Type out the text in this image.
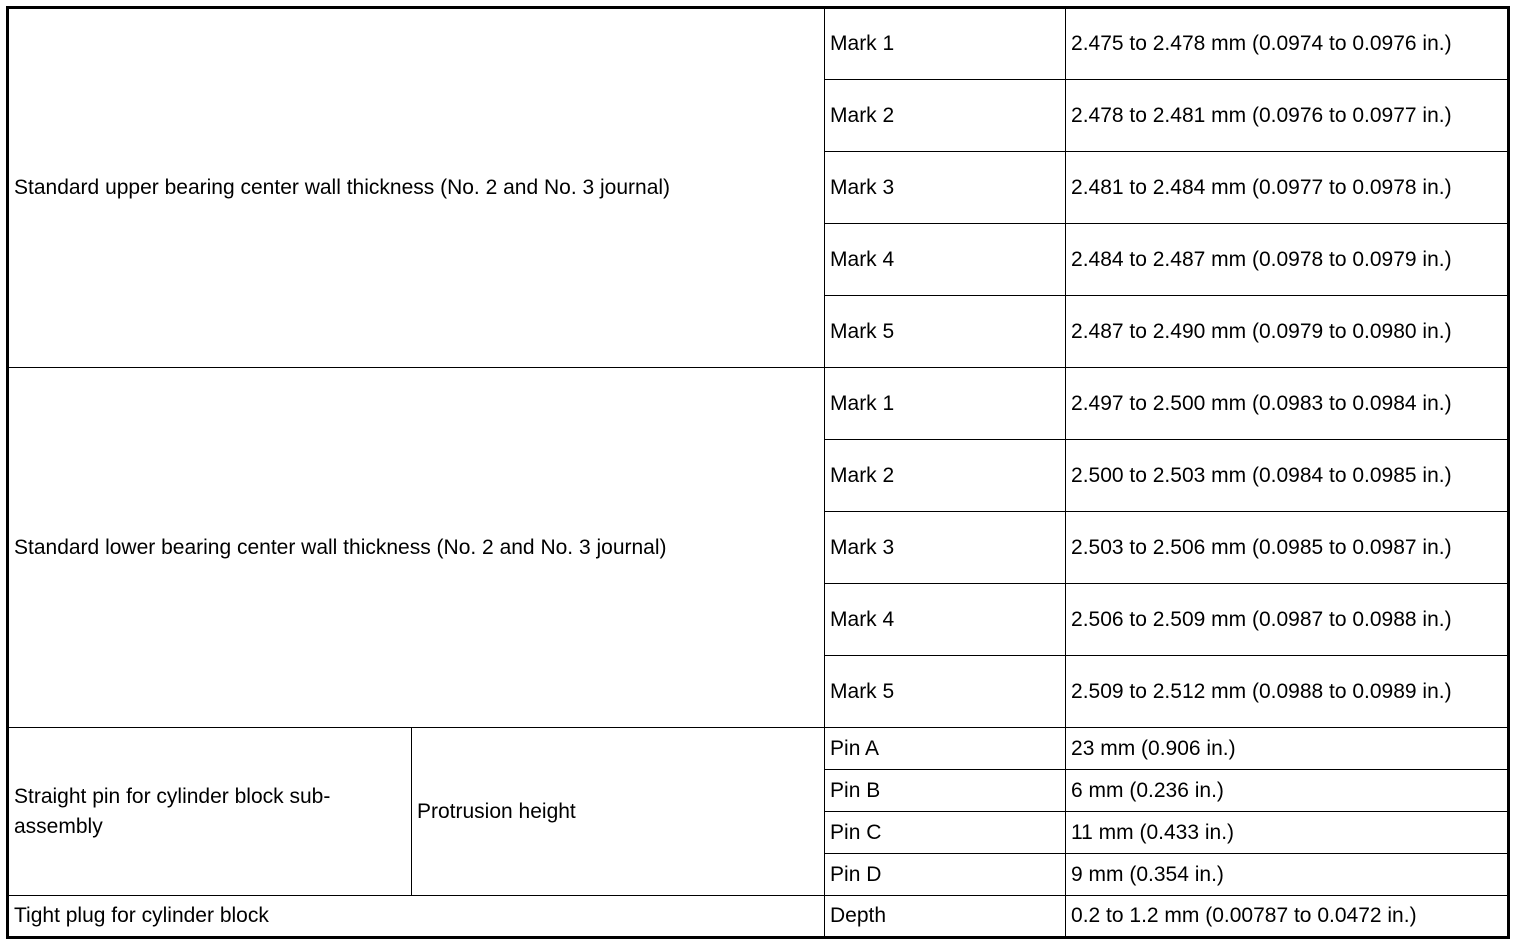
Standard upper bearing center wall thickness (No. 2 and No. 3 journal)		Mark 1	2.475 to 2.478 mm (0.0974 to 0.0976 in.)
		Mark 2	2.478 to 2.481 mm (0.0976 to 0.0977 in.)
		Mark 3	2.481 to 2.484 mm (0.0977 to 0.0978 in.)
		Mark 4	2.484 to 2.487 mm (0.0978 to 0.0979 in.)
		Mark 5	2.487 to 2.490 mm (0.0979 to 0.0980 in.)
Standard lower bearing center wall thickness (No. 2 and No. 3 journal)		Mark 1	2.497 to 2.500 mm (0.0983 to 0.0984 in.)
		Mark 2	2.500 to 2.503 mm (0.0984 to 0.0985 in.)
		Mark 3	2.503 to 2.506 mm (0.0985 to 0.0987 in.)
		Mark 4	2.506 to 2.509 mm (0.0987 to 0.0988 in.)
		Mark 5	2.509 to 2.512 mm (0.0988 to 0.0989 in.)
Straight pin for cylinder block sub-assembly	Protrusion height	Pin A	23 mm (0.906 in.)
		Pin B	6 mm (0.236 in.)
		Pin C	11 mm (0.433 in.)
		Pin D	9 mm (0.354 in.)
Tight plug for cylinder block		Depth	0.2 to 1.2 mm (0.00787 to 0.0472 in.)
